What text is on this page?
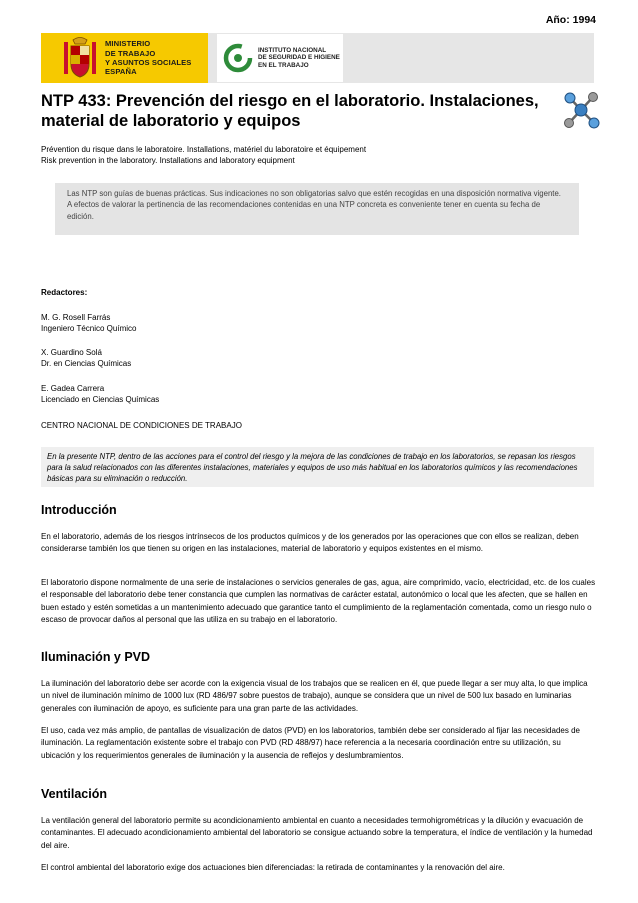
Año: 1994
MINISTERIO
DE TRABAJO
Y ASUNTOS SOCIALES
ESPAÑA
INSTITUTO NACIONAL
DE SEGURIDAD E HIGIENE
EN EL TRABAJO
NTP 433: Prevención del riesgo en el laboratorio. Instalaciones, material de laboratorio y equipos
Prévention du risque dans le laboratoire. Installations, matériel du laboratoire et équipement
Risk prevention in the laboratory. Installations and laboratory equipment
Las NTP son guías de buenas prácticas. Sus indicaciones no son obligatorias salvo que estén recogidas en una disposición normativa vigente. A efectos de valorar la pertinencia de las recomendaciones contenidas en una NTP concreta es conveniente tener en cuenta su fecha de edición.
Redactores:
M. G. Rosell Farrás
Ingeniero Técnico Químico
X. Guardino Solá
Dr. en Ciencias Químicas
E. Gadea Carrera
Licenciado en Ciencias Químicas
CENTRO NACIONAL DE CONDICIONES DE TRABAJO
En la presente NTP, dentro de las acciones para el control del riesgo y la mejora de las condiciones de trabajo en los laboratorios, se repasan los riesgos para la salud relacionados con las diferentes instalaciones, materiales y equipos de uso más habitual en los laboratorios químicos y las recomendaciones básicas para su eliminación o reducción.
Introducción
En el laboratorio, además de los riesgos intrínsecos de los productos químicos y de los generados por las operaciones que con ellos se realizan, deben considerarse también los que tienen su origen en las instalaciones, material de laboratorio y equipos existentes en el mismo.
El laboratorio dispone normalmente de una serie de instalaciones o servicios generales de gas, agua, aire comprimido, vacío, electricidad, etc. de los cuales el responsable del laboratorio debe tener constancia que cumplen las normativas de carácter estatal, autonómico o local que les afecten, que se hallen en buen estado y estén sometidas a un mantenimiento adecuado que garantice tanto el cumplimiento de la reglamentación comentada, como un riesgo nulo o escaso de provocar daños al personal que las utiliza en su trabajo en el laboratorio.
Iluminación y PVD
La iluminación del laboratorio debe ser acorde con la exigencia visual de los trabajos que se realicen en él, que puede llegar a ser muy alta, lo que implica un nivel de iluminación mínimo de 1000 lux (RD 486/97 sobre puestos de trabajo), aunque se considera que un nivel de 500 lux basado en luminarias generales con iluminación de apoyo, es suficiente para una gran parte de las actividades.
El uso, cada vez más amplio, de pantallas de visualización de datos (PVD) en los laboratorios, también debe ser considerado al fijar las necesidades de iluminación. La reglamentación existente sobre el trabajo con PVD (RD 488/97) hace referencia a la necesaria coordinación entre su utilización, su ubicación y los requerimientos generales de iluminación y la ausencia de reflejos y deslumbramientos.
Ventilación
La ventilación general del laboratorio permite su acondicionamiento ambiental en cuanto a necesidades termohigrométricas y la dilución y evacuación de contaminantes. El adecuado acondicionamiento ambiental del laboratorio se consigue actuando sobre la temperatura, el índice de ventilación y la humedad del aire.
El control ambiental del laboratorio exige dos actuaciones bien diferenciadas: la retirada de contaminantes y la renovación del aire.
